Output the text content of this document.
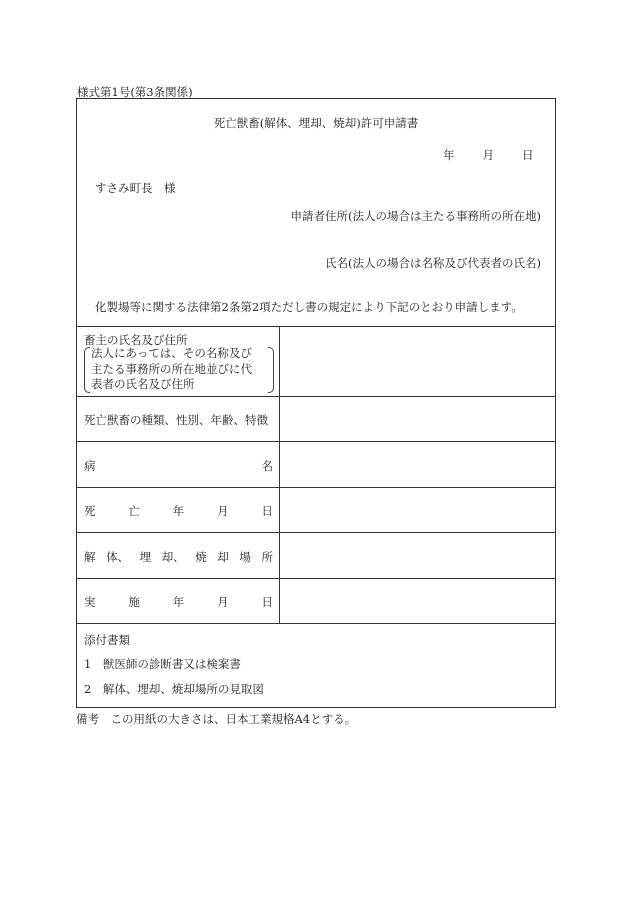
様式第1号(第3条関係)
死亡獣畜(解体、埋却、焼却)許可申請書
年 月 日
すさみ町長　様
申請者住所(法人の場合は主たる事務所の所在地)
氏名(法人の場合は名称及び代表者の氏名)
化製場等に関する法律第2条第2項ただし書の規定により下記のとおり申請します。
畜主の氏名及び住所
法人にあっては、その名称及び
主たる事務所の所在地並びに代
表者の氏名及び住所
死亡獣畜の種類、性別、年齢、特徴
病	名
死	亡	年	月	日
解 体、 埋 却、 焼 却 場 所
実	施	年	月	日
添付書類
1　獣医師の診断書又は検案書
2　解体、埋却、焼却場所の見取図
備考　この用紙の大きさは、日本工業規格A4とする。
